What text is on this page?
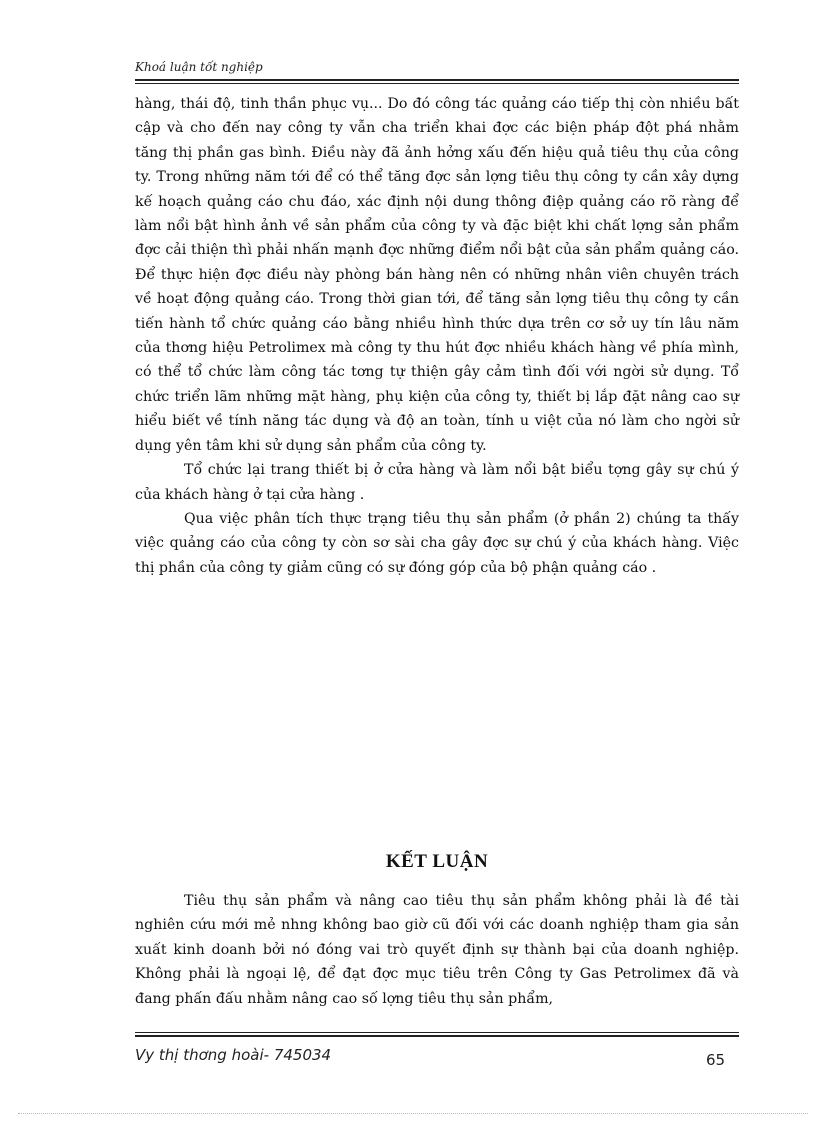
Khoá luận tốt nghiệp

hàng, thái độ, tinh thần phục vụ... Do đó công tác quảng cáo tiếp thị còn nhiều bất cập và cho đến nay công ty vẫn cha triển khai đợc các biện pháp đột phá nhằm tăng thị phần gas bình. Điều này đã ảnh hởng xấu đến hiệu quả tiêu thụ của công ty. Trong những năm tới để có thể tăng đợc sản lợng tiêu thụ công ty cần xây dựng kế hoạch quảng cáo chu đáo, xác định nội dung thông điệp quảng cáo rõ ràng để làm nổi bật hình ảnh về sản phẩm của công ty và đặc biệt khi chất lợng sản phẩm đợc cải thiện thì phải nhấn mạnh đợc những điểm nổi bật của sản phẩm quảng cáo. Để thực hiện đợc điều này phòng bán hàng nên có những nhân viên chuyên trách về hoạt động quảng cáo. Trong thời gian tới, để tăng sản lợng tiêu thụ công ty cần tiến hành tổ chức quảng cáo bằng nhiều hình thức dựa trên cơ sở uy tín lâu năm của thơng hiệu Petrolimex mà công ty thu hút đợc nhiều khách hàng về phía mình, có thể tổ chức làm công tác tơng tự thiện gây cảm tình đối với ngời sử dụng. Tổ chức triển lãm những mặt hàng, phụ kiện của công ty, thiết bị lắp đặt nâng cao sự hiểu biết về tính năng tác dụng và độ an toàn, tính u việt của nó làm cho ngời sử dụng yên tâm khi sử dụng sản phẩm của công ty.

Tổ chức lại trang thiết bị ở cửa hàng và làm nổi bật biểu tợng gây sự chú ý của khách hàng ở tại cửa hàng .

Qua việc phân tích thực trạng tiêu thụ sản phẩm (ở phần 2) chúng ta thấy việc quảng cáo của công ty còn sơ sài cha gây đợc sự chú ý của khách hàng. Việc thị phần của công ty giảm cũng có sự đóng góp của bộ phận quảng cáo .

KẾT LUẬN

Tiêu thụ sản phẩm và nâng cao tiêu thụ sản phẩm không phải là đề tài nghiên cứu mới mẻ nhng không bao giờ cũ đối với các doanh nghiệp tham gia sản xuất kinh doanh bởi nó đóng vai trò quyết định sự thành bại của doanh nghiệp. Không phải là ngoại lệ, để đạt đợc mục tiêu trên Công ty Gas Petrolimex đã và đang phấn đấu nhằm nâng cao số lợng tiêu thụ sản phẩm,

Vy thị thơng hoài- 745034	65
